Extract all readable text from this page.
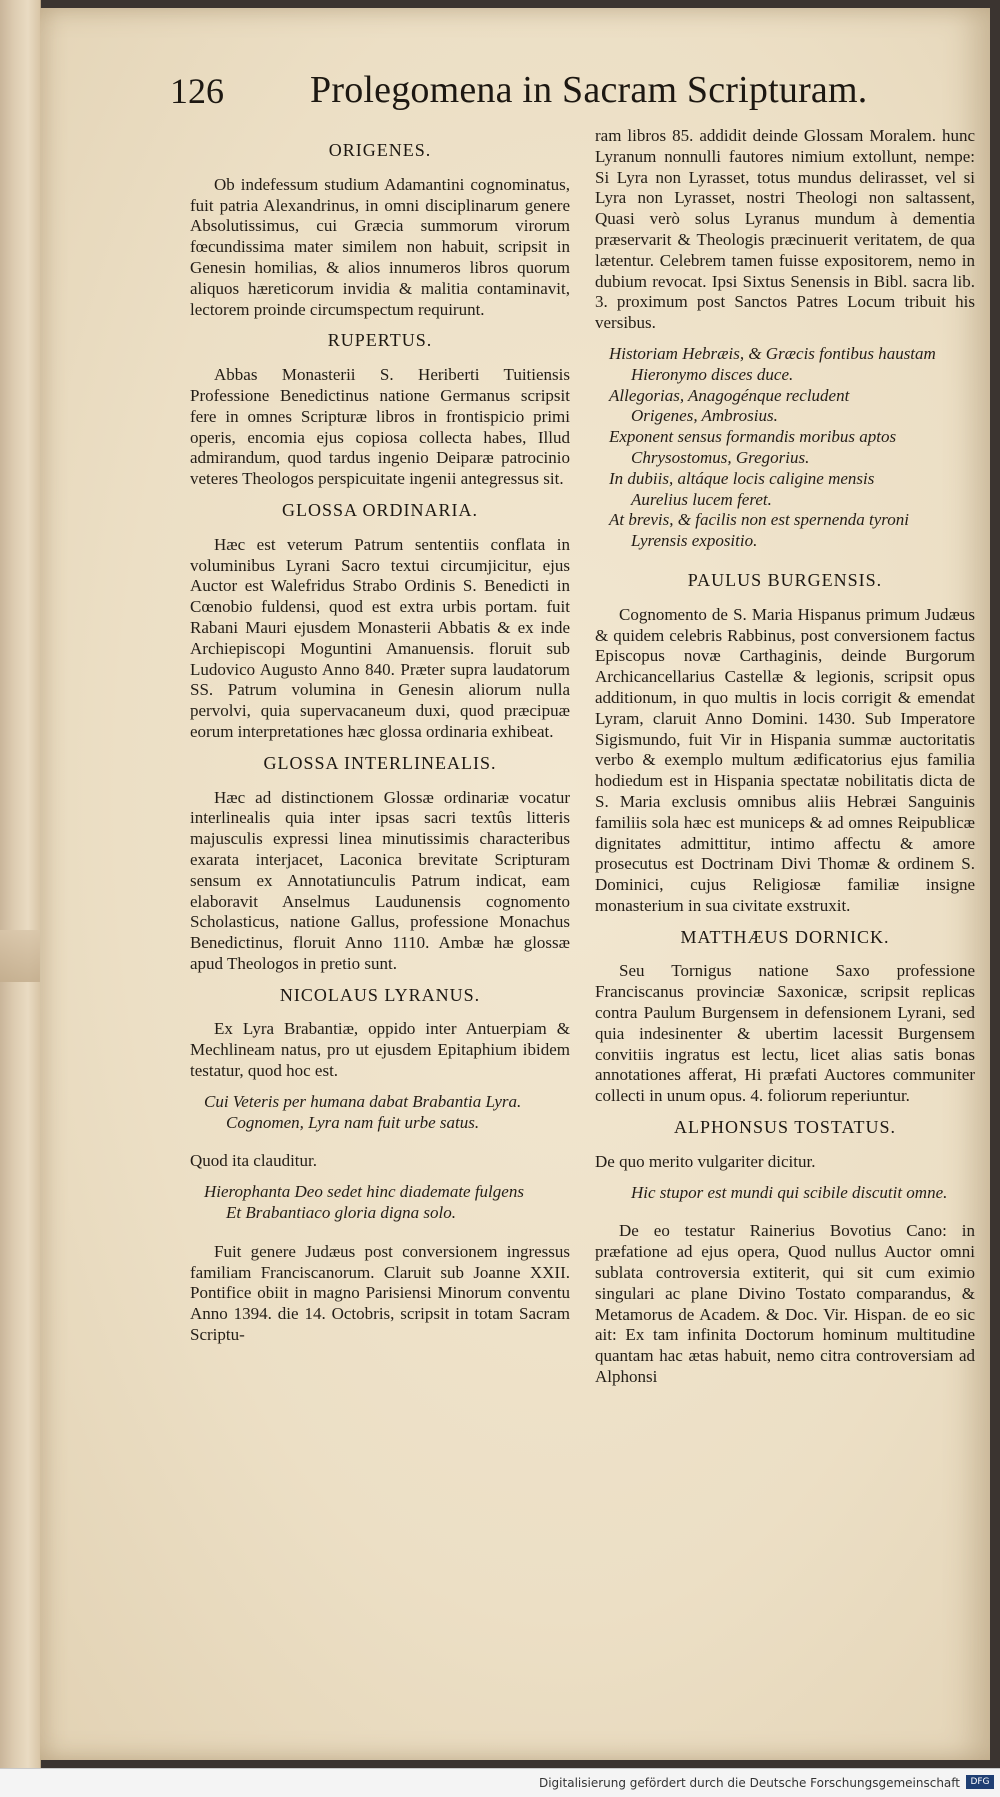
126 Prolegomena in Sacram Scripturam.
ORIGENES.

Ob indefessum studium Adamantini cognominatus, fuit patria Alexandrinus, in omni disciplinarum genere Absolutissimus, cui Græcia summorum virorum fœcundissima mater similem non habuit, scripsit in Genesin homilias, & alios innumeros libros quorum aliquos hæreticorum invidia & malitia contaminavit, lectorem proinde circumspectum requirunt.

RUPERTUS.

Abbas Monasterii S. Heriberti Tuitiensis Professione Benedictinus natione Germanus scripsit fere in omnes Scripturæ libros in frontispicio primi operis, encomia ejus copiosa collecta habes, Illud admirandum, quod tardus ingenio Deiparæ patrocinio veteres Theologos perspicuitate ingenii antegressus sit.

GLOSSA ORDINARIA.

Hæc est veterum Patrum sententiis conflata in voluminibus Lyrani Sacro textui circumjicitur, ejus Auctor est Walefridus Strabo Ordinis S. Benedicti in Cœnobio fuldensi, quod est extra urbis portam. fuit Rabani Mauri ejusdem Monasterii Abbatis & ex inde Archiepiscopi Moguntini Amanuensis. floruit sub Ludovico Augusto Anno 840. Præter supra laudatorum SS. Patrum volumina in Genesin aliorum nulla pervolvi, quia supervacaneum duxi, quod præcipuæ eorum interpretationes hæc glossa ordinaria exhibeat.

GLOSSA INTERLINEALIS.

Hæc ad distinctionem Glossæ ordinariæ vocatur interlinealis quia inter ipsas sacri textûs litteris majusculis expressi linea minutissimis characteribus exarata interjacet, Laconica brevitate Scripturam sensum ex Annotatiunculis Patrum indicat, eam elaboravit Anselmus Laudunensis cognomento Scholasticus, natione Gallus, professione Monachus Benedictinus, floruit Anno 1110. Ambæ hæ glossæ apud Theologos in pretio sunt.

NICOLAUS LYRANUS.

Ex Lyra Brabantiæ, oppido inter Antuerpiam & Mechlineam natus, pro ut ejusdem Epitaphium ibidem testatur, quod hoc est.

Cui Veteris per humana dabat Brabantia Lyra.
Cognomen, Lyra nam fuit urbe satus.

Quod ita clauditur.

Hierophanta Deo sedet hinc diademate fulgens
Et Brabantiaco gloria digna solo.

Fuit genere Judæus post conversionem ingressus familiam Franciscanorum. Claruit sub Joanne XXII. Pontifice obiit in magno Parisiensi Minorum conventu Anno 1394. die 14. Octobris, scripsit in totam Sacram Scriptu-

ram libros 85. addidit deinde Glossam Moralem. hunc Lyranum nonnulli fautores nimium extollunt, nempe: Si Lyra non Lyrasset, totus mundus delirasset, vel si Lyra non Lyrasset, nostri Theologi non saltassent, Quasi verò solus Lyranus mundum à dementia præservarit & Theologis præcinuerit veritatem, de qua lætentur. Celebrem tamen fuisse expositorem, nemo in dubium revocat. Ipsi Sixtus Senensis in Bibl. sacra lib. 3. proximum post Sanctos Patres Locum tribuit his versibus.

Historiam Hebræis, & Græcis fontibus haustam
Hieronymo disces duce.
Allegorias, Anagogénque recludent
Origenes, Ambrosius.
Exponent sensus formandis moribus aptos
Chrysostomus, Gregorius.
In dubiis, altáque locis caligine mensis
Aurelius lucem feret.
At brevis, & facilis non est spernenda tyroni
Lyrensis expositio.
PAULUS BURGENSIS.

Cognomento de S. Maria Hispanus primum Judæus & quidem celebris Rabbinus, post conversionem factus Episcopus novæ Carthaginis, deinde Burgorum Archicancellarius Castellæ & legionis, scripsit opus additionum, in quo multis in locis corrigit & emendat Lyram, claruit Anno Domini. 1430. Sub Imperatore Sigismundo, fuit Vir in Hispania summæ auctoritatis verbo & exemplo multum ædificatorius ejus familia hodiedum est in Hispania spectatæ nobilitatis dicta de S. Maria exclusis omnibus aliis Hebræi Sanguinis familiis sola hæc est municeps & ad omnes Reipublicæ dignitates admittitur, intimo affectu & amore prosecutus est Doctrinam Divi Thomæ & ordinem S. Dominici, cujus Religiosæ familiæ insigne monasterium in sua civitate exstruxit.

MATTHÆUS DORNICK.

Seu Tornigus natione Saxo professione Franciscanus provinciæ Saxonicæ, scripsit replicas contra Paulum Burgensem in defensionem Lyrani, sed quia indesinenter & ubertim lacessit Burgensem convitiis ingratus est lectu, licet alias satis bonas annotationes afferat, Hi præfati Auctores communiter collecti in unum opus. 4. foliorum reperiuntur.

ALPHONSUS TOSTATUS.

De quo merito vulgariter dicitur.

Hic stupor est mundi qui scibile discutit omne.

De eo testatur Rainerius Bovotius Cano: in præfatione ad ejus opera, Quod nullus Auctor omni sublata controversia extiterit, qui sit cum eximio singulari ac plane Divino Tostato comparandus, & Metamorus de Academ. & Doc. Vir. Hispan. de eo sic ait: Ex tam infinita Doctorum hominum multitudine quantam hac ætas habuit, nemo citra controversiam ad Alphonsi

Digitalisierung gefördert durch die Deutsche Forschungsgemeinschaft	DFG
